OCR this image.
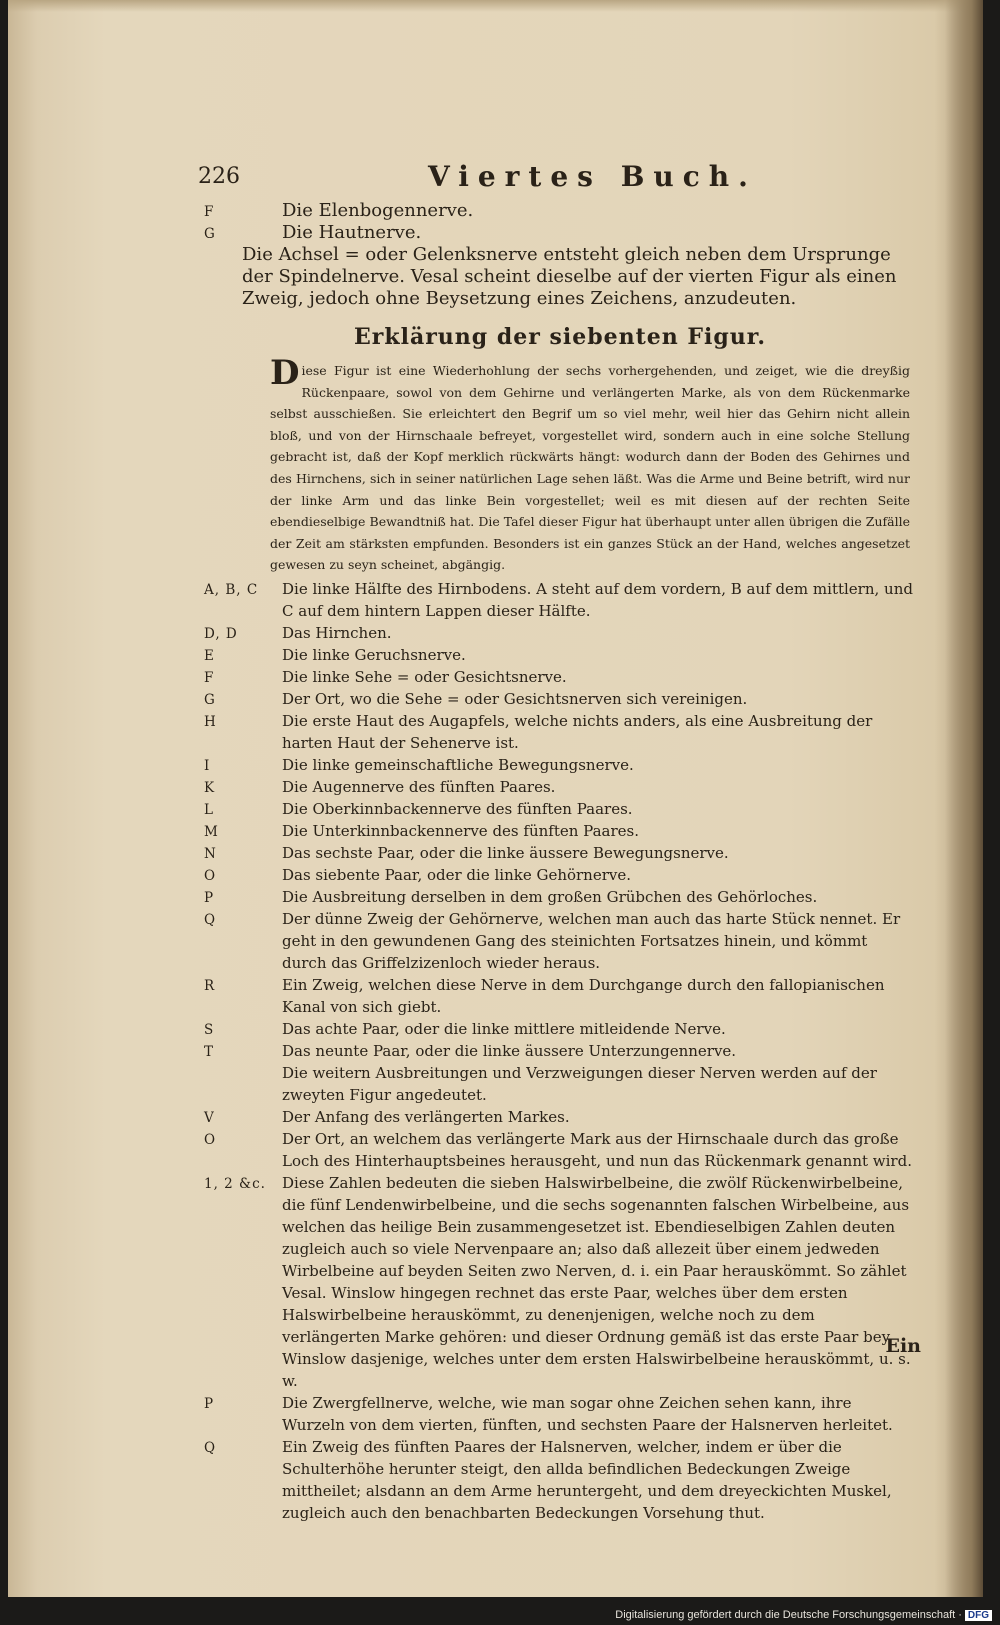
226	Viertes Buch.
F	Die Elenbogennerve.
G	Die Hautnerve.
Die Achsel = oder Gelenksnerve entsteht gleich neben dem Ursprunge der Spindelnerve. Vesal scheint dieselbe auf der vierten Figur als einen Zweig, jedoch ohne Beysetzung eines Zeichens, anzudeuten.
Erklärung der siebenten Figur.
D iese Figur ist eine Wiederhohlung der sechs vorhergehenden, und zeiget, wie die dreyßig Rückenpaare, sowol von dem Gehirne und verlängerten Marke, als von dem Rückenmarke selbst ausschießen. Sie erleichtert den Begrif um so viel mehr, weil hier das Gehirn nicht allein bloß, und von der Hirnschaale befreyet, vorgestellet wird, sondern auch in eine solche Stellung gebracht ist, daß der Kopf merklich rückwärts hängt: wodurch dann der Boden des Gehirnes und des Hirnchens, sich in seiner natürlichen Lage sehen läßt. Was die Arme und Beine betrift, wird nur der linke Arm und das linke Bein vorgestellet; weil es mit diesen auf der rechten Seite ebendieselbige Bewandtniß hat. Die Tafel dieser Figur hat überhaupt unter allen übrigen die Zufälle der Zeit am stärksten empfunden. Besonders ist ein ganzes Stück an der Hand, welches angesetzet gewesen zu seyn scheinet, abgängig.
A, B, C	Die linke Hälfte des Hirnbodens. A steht auf dem vordern, B auf dem mittlern, und C auf dem hintern Lappen dieser Hälfte.
D, D	Das Hirnchen.
E	Die linke Geruchsnerve.
F	Die linke Sehe = oder Gesichtsnerve.
G	Der Ort, wo die Sehe = oder Gesichtsnerven sich vereinigen.
H	Die erste Haut des Augapfels, welche nichts anders, als eine Ausbreitung der harten Haut der Sehenerve ist.
I	Die linke gemeinschaftliche Bewegungsnerve.
K	Die Augennerve des fünften Paares.
L	Die Oberkinnbackennerve des fünften Paares.
M	Die Unterkinnbackennerve des fünften Paares.
N	Das sechste Paar, oder die linke äussere Bewegungsnerve.
O	Das siebente Paar, oder die linke Gehörnerve.
P	Die Ausbreitung derselben in dem großen Grübchen des Gehörloches.
Q	Der dünne Zweig der Gehörnerve, welchen man auch das harte Stück nennet. Er geht in den gewundenen Gang des steinichten Fortsatzes hinein, und kömmt durch das Griffelzizenloch wieder heraus.
R	Ein Zweig, welchen diese Nerve in dem Durchgange durch den fallopianischen Kanal von sich giebt.
S	Das achte Paar, oder die linke mittlere mitleidende Nerve.
T	Das neunte Paar, oder die linke äussere Unterzungennerve.
Die weitern Ausbreitungen und Verzweigungen dieser Nerven werden auf der zweyten Figur angedeutet.
V	Der Anfang des verlängerten Markes.
O	Der Ort, an welchem das verlängerte Mark aus der Hirnschaale durch das große Loch des Hinterhauptsbeines herausgeht, und nun das Rückenmark genannt wird.
1, 2 &c.	Diese Zahlen bedeuten die sieben Halswirbelbeine, die zwölf Rückenwirbelbeine, die fünf Lendenwirbelbeine, und die sechs sogenannten falschen Wirbelbeine, aus welchen das heilige Bein zusammengesetzet ist. Ebendieselbigen Zahlen deuten zugleich auch so viele Nervenpaare an; also daß allezeit über einem jedweden Wirbelbeine auf beyden Seiten zwo Nerven, d. i. ein Paar herauskömmt. So zählet Vesal. Winslow hingegen rechnet das erste Paar, welches über dem ersten Halswirbelbeine herauskömmt, zu denenjenigen, welche noch zu dem verlängerten Marke gehören: und dieser Ordnung gemäß ist das erste Paar bey Winslow dasjenige, welches unter dem ersten Halswirbelbeine herauskömmt, u. s. w.
P	Die Zwergfellnerve, welche, wie man sogar ohne Zeichen sehen kann, ihre Wurzeln von dem vierten, fünften, und sechsten Paare der Halsnerven herleitet.
Q	Ein Zweig des fünften Paares der Halsnerven, welcher, indem er über die Schulterhöhe herunter steigt, den allda befindlichen Bedeckungen Zweige mittheilet; alsdann an dem Arme heruntergeht, und dem dreyeckichten Muskel, zugleich auch den benachbarten Bedeckungen Vorsehung thut.
Ein
Digitalisierung gefördert durch die Deutsche Forschungsgemeinschaft · DFG
